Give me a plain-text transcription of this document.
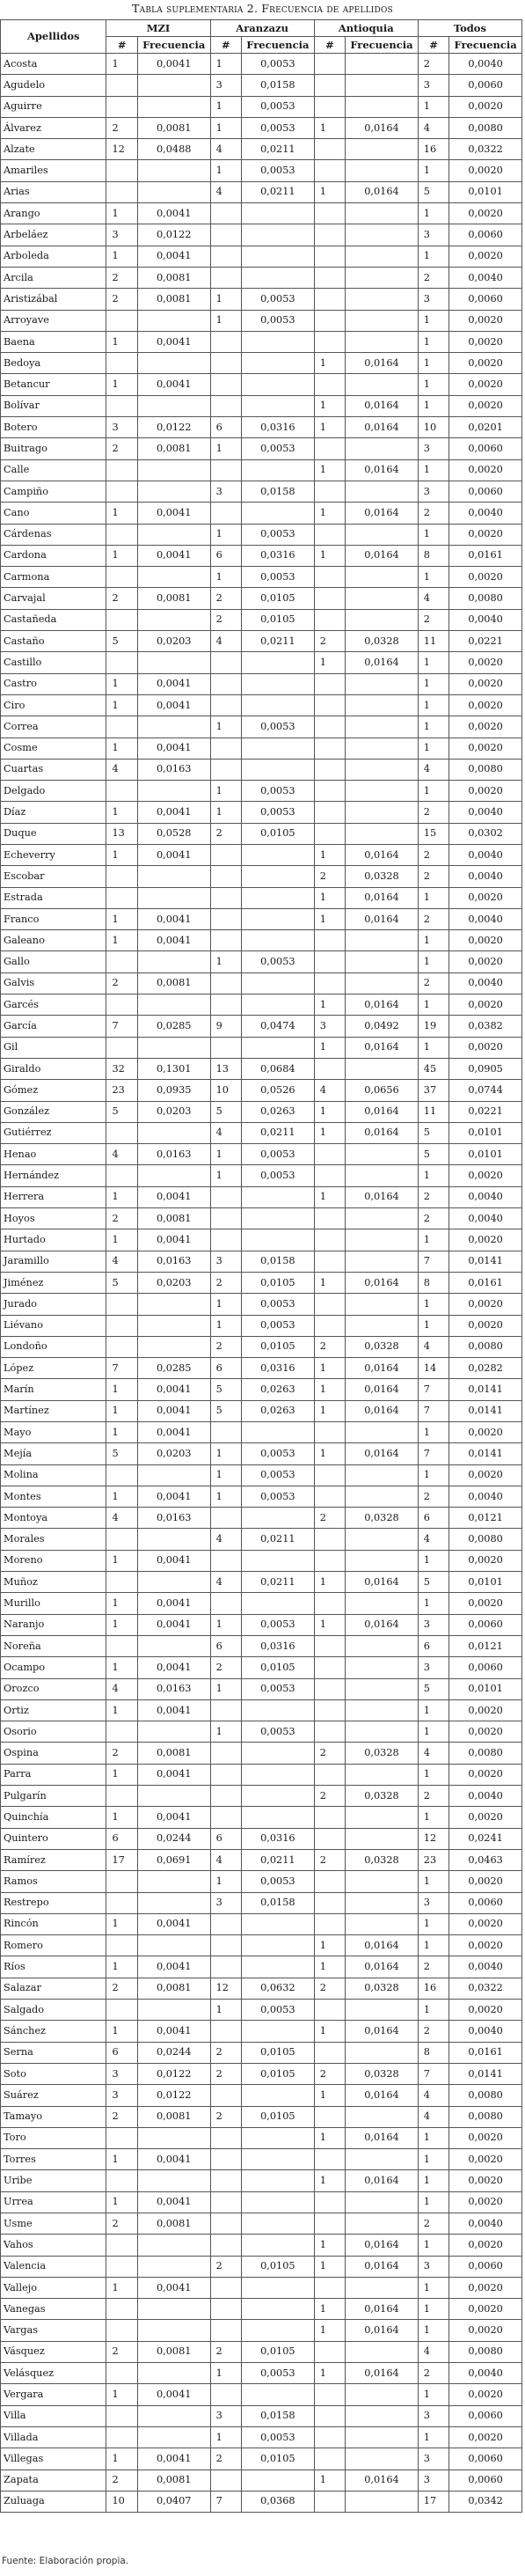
Tabla suplementaria 2. Frecuencia de apellidos
Apellidos	MZI		Aranzazu		Antioquia		Todos	
	#	Frecuencia	#	Frecuencia	#	Frecuencia	#	Frecuencia
Acosta	1	0,0041	1	0,0053			2	0,0040
Agudelo			3	0,0158			3	0,0060
Aguirre			1	0,0053			1	0,0020
Álvarez	2	0,0081	1	0,0053	1	0,0164	4	0,0080
Alzate	12	0,0488	4	0,0211			16	0,0322
Amariles			1	0,0053			1	0,0020
Arias			4	0,0211	1	0,0164	5	0,0101
Arango	1	0,0041					1	0,0020
Arbeláez	3	0,0122					3	0,0060
Arboleda	1	0,0041					1	0,0020
Arcila	2	0,0081					2	0,0040
Aristizábal	2	0,0081	1	0,0053			3	0,0060
Arroyave			1	0,0053			1	0,0020
Baena	1	0,0041					1	0,0020
Bedoya					1	0,0164	1	0,0020
Betancur	1	0,0041					1	0,0020
Bolívar					1	0,0164	1	0,0020
Botero	3	0,0122	6	0,0316	1	0,0164	10	0,0201
Buitrago	2	0,0081	1	0,0053			3	0,0060
Calle					1	0,0164	1	0,0020
Campiño			3	0,0158			3	0,0060
Cano	1	0,0041			1	0,0164	2	0,0040
Cárdenas			1	0,0053			1	0,0020
Cardona	1	0,0041	6	0,0316	1	0,0164	8	0,0161
Carmona			1	0,0053			1	0,0020
Carvajal	2	0,0081	2	0,0105			4	0,0080
Castañeda			2	0,0105			2	0,0040
Castaño	5	0,0203	4	0,0211	2	0,0328	11	0,0221
Castillo					1	0,0164	1	0,0020
Castro	1	0,0041					1	0,0020
Ciro	1	0,0041					1	0,0020
Correa			1	0,0053			1	0,0020
Cosme	1	0,0041					1	0,0020
Cuartas	4	0,0163					4	0,0080
Delgado			1	0,0053			1	0,0020
Díaz	1	0,0041	1	0,0053			2	0,0040
Duque	13	0,0528	2	0,0105			15	0,0302
Echeverry	1	0,0041			1	0,0164	2	0,0040
Escobar					2	0,0328	2	0,0040
Estrada					1	0,0164	1	0,0020
Franco	1	0,0041			1	0,0164	2	0,0040
Galeano	1	0,0041					1	0,0020
Gallo			1	0,0053			1	0,0020
Galvis	2	0,0081					2	0,0040
Garcés					1	0,0164	1	0,0020
García	7	0,0285	9	0,0474	3	0,0492	19	0,0382
Gil					1	0,0164	1	0,0020
Giraldo	32	0,1301	13	0,0684			45	0,0905
Gómez	23	0,0935	10	0,0526	4	0,0656	37	0,0744
González	5	0,0203	5	0,0263	1	0,0164	11	0,0221
Gutiérrez			4	0,0211	1	0,0164	5	0,0101
Henao	4	0,0163	1	0,0053			5	0,0101
Hernández			1	0,0053			1	0,0020
Herrera	1	0,0041			1	0,0164	2	0,0040
Hoyos	2	0,0081					2	0,0040
Hurtado	1	0,0041					1	0,0020
Jaramillo	4	0,0163	3	0,0158			7	0,0141
Jiménez	5	0,0203	2	0,0105	1	0,0164	8	0,0161
Jurado			1	0,0053			1	0,0020
Liévano			1	0,0053			1	0,0020
Londoño			2	0,0105	2	0,0328	4	0,0080
López	7	0,0285	6	0,0316	1	0,0164	14	0,0282
Marín	1	0,0041	5	0,0263	1	0,0164	7	0,0141
Martínez	1	0,0041	5	0,0263	1	0,0164	7	0,0141
Mayo	1	0,0041					1	0,0020
Mejía	5	0,0203	1	0,0053	1	0,0164	7	0,0141
Molina			1	0,0053			1	0,0020
Montes	1	0,0041	1	0,0053			2	0,0040
Montoya	4	0,0163			2	0,0328	6	0,0121
Morales			4	0,0211			4	0,0080
Moreno	1	0,0041					1	0,0020
Muñoz			4	0,0211	1	0,0164	5	0,0101
Murillo	1	0,0041					1	0,0020
Naranjo	1	0,0041	1	0,0053	1	0,0164	3	0,0060
Noreña			6	0,0316			6	0,0121
Ocampo	1	0,0041	2	0,0105			3	0,0060
Orozco	4	0,0163	1	0,0053			5	0,0101
Ortiz	1	0,0041					1	0,0020
Osorio			1	0,0053			1	0,0020
Ospina	2	0,0081			2	0,0328	4	0,0080
Parra	1	0,0041					1	0,0020
Pulgarín					2	0,0328	2	0,0040
Quinchía	1	0,0041					1	0,0020
Quintero	6	0,0244	6	0,0316			12	0,0241
Ramírez	17	0,0691	4	0,0211	2	0,0328	23	0,0463
Ramos			1	0,0053			1	0,0020
Restrepo			3	0,0158			3	0,0060
Rincón	1	0,0041					1	0,0020
Romero					1	0,0164	1	0,0020
Ríos	1	0,0041			1	0,0164	2	0,0040
Salazar	2	0,0081	12	0,0632	2	0,0328	16	0,0322
Salgado			1	0,0053			1	0,0020
Sánchez	1	0,0041			1	0,0164	2	0,0040
Serna	6	0,0244	2	0,0105			8	0,0161
Soto	3	0,0122	2	0,0105	2	0,0328	7	0,0141
Suárez	3	0,0122			1	0,0164	4	0,0080
Tamayo	2	0,0081	2	0,0105			4	0,0080
Toro					1	0,0164	1	0,0020
Torres	1	0,0041					1	0,0020
Uribe					1	0,0164	1	0,0020
Urrea	1	0,0041					1	0,0020
Usme	2	0,0081					2	0,0040
Vahos					1	0,0164	1	0,0020
Valencia			2	0,0105	1	0,0164	3	0,0060
Vallejo	1	0,0041					1	0,0020
Vanegas					1	0,0164	1	0,0020
Vargas					1	0,0164	1	0,0020
Vásquez	2	0,0081	2	0,0105			4	0,0080
Velásquez			1	0,0053	1	0,0164	2	0,0040
Vergara	1	0,0041					1	0,0020
Villa			3	0,0158			3	0,0060
Villada			1	0,0053			1	0,0020
Villegas	1	0,0041	2	0,0105			3	0,0060
Zapata	2	0,0081			1	0,0164	3	0,0060
Zuluaga	10	0,0407	7	0,0368			17	0,0342
Fuente: Elaboración propia.
